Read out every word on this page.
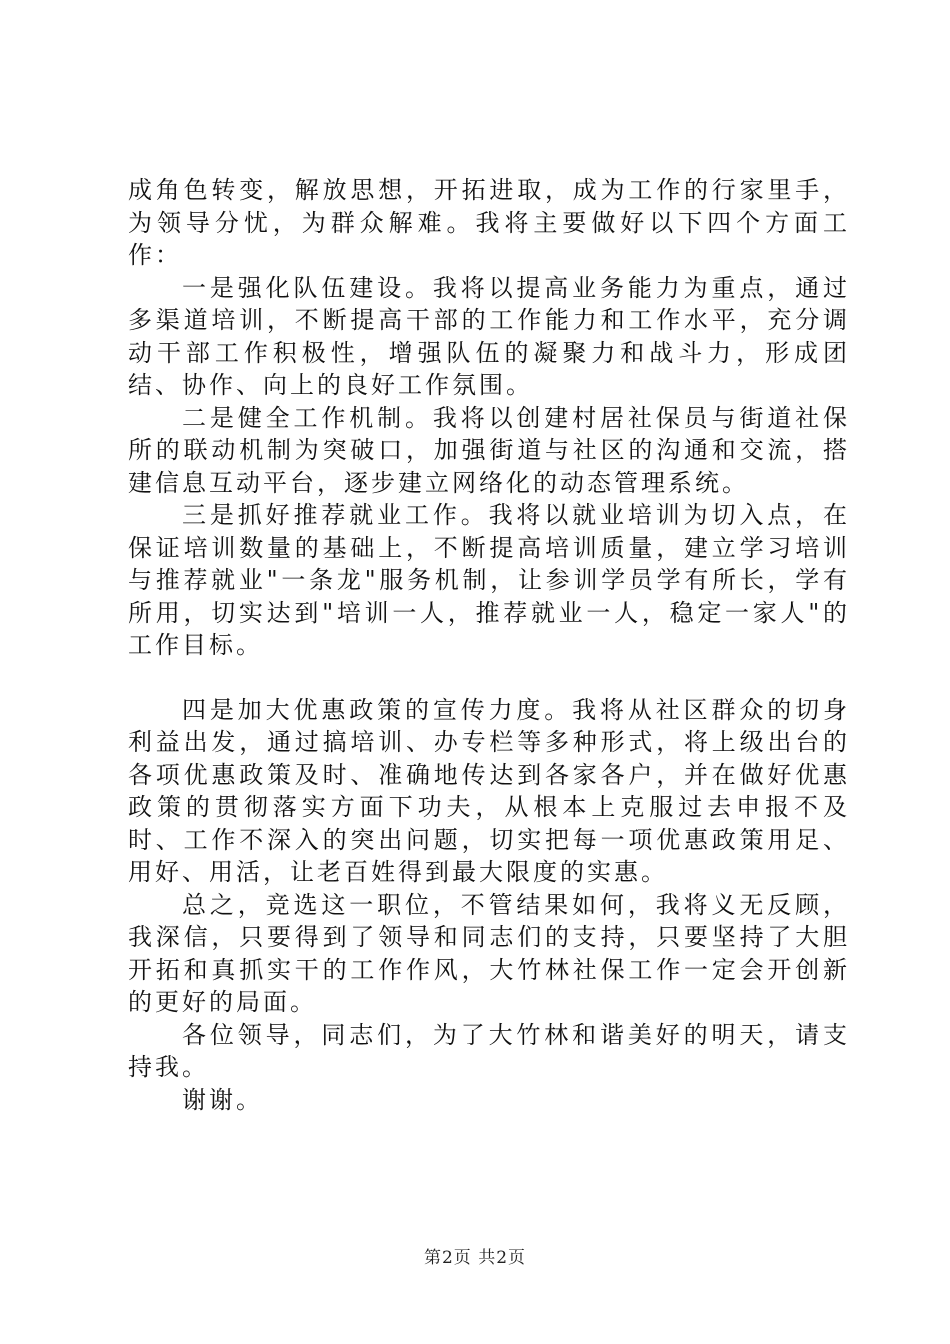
成角色转变，解放思想，开拓进取，成为工作的行家里手，为领导分忧，为群众解难。我将主要做好以下四个方面工作：

一是强化队伍建设。我将以提高业务能力为重点，通过多渠道培训，不断提高干部的工作能力和工作水平，充分调动干部工作积极性，增强队伍的凝聚力和战斗力，形成团结、协作、向上的良好工作氛围。

二是健全工作机制。我将以创建村居社保员与街道社保所的联动机制为突破口，加强街道与社区的沟通和交流，搭建信息互动平台，逐步建立网络化的动态管理系统。

三是抓好推荐就业工作。我将以就业培训为切入点，在保证培训数量的基础上，不断提高培训质量，建立学习培训与推荐就业"一条龙"服务机制，让参训学员学有所长，学有所用，切实达到"培训一人，推荐就业一人，稳定一家人"的工作目标。

四是加大优惠政策的宣传力度。我将从社区群众的切身利益出发，通过搞培训、办专栏等多种形式，将上级出台的各项优惠政策及时、准确地传达到各家各户，并在做好优惠政策的贯彻落实方面下功夫，从根本上克服过去申报不及时、工作不深入的突出问题，切实把每一项优惠政策用足、用好、用活，让老百姓得到最大限度的实惠。

总之，竞选这一职位，不管结果如何，我将义无反顾，我深信，只要得到了领导和同志们的支持，只要坚持了大胆开拓和真抓实干的工作作风，大竹林社保工作一定会开创新的更好的局面。

各位领导，同志们，为了大竹林和谐美好的明天，请支持我。

谢谢。

第2页 共2页
